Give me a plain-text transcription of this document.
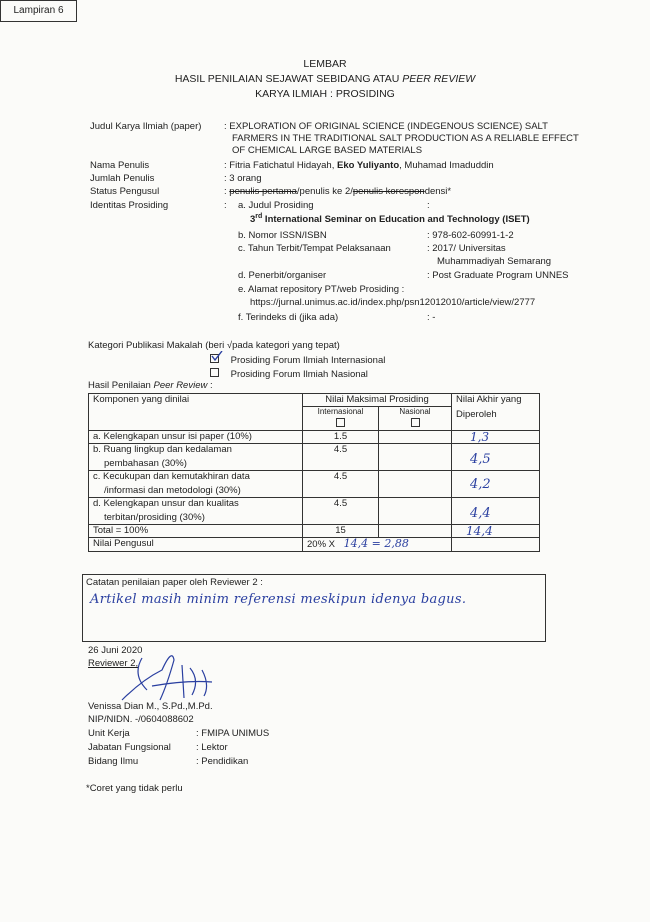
Lampiran 6
LEMBAR
HASIL PENILAIAN SEJAWAT SEBIDANG ATAU PEER REVIEW
KARYA ILMIAH : PROSIDING
Judul Karya Ilmiah (paper) : EXPLORATION OF ORIGINAL SCIENCE (INDEGENOUS SCIENCE) SALT
FARMERS IN THE TRADITIONAL SALT PRODUCTION AS A RELIABLE EFFECT
OF CHEMICAL LARGE BASED MATERIALS
Nama Penulis	: Fitria Fatichatul Hidayah, Eko Yuliyanto, Muhamad Imaduddin
Jumlah Penulis	: 3 orang
Status Pengusul	: penulis pertama/penulis ke 2/penulis korespondensi*
Identitas Prosiding	: a. Judul Prosiding	:
3rd International Seminar on Education and Technology (ISET)
b. Nomor ISSN/ISBN	: 978-602-60991-1-2
c. Tahun Terbit/Tempat Pelaksanaan	: 2017/ Universitas
Muhammadiyah Semarang
d. Penerbit/organiser	: Post Graduate Program UNNES
e. Alamat repository PT/web Prosiding :
https://jurnal.unimus.ac.id/index.php/psn12012010/article/view/2777
f. Terindeks di (jika ada)	: -
Kategori Publikasi Makalah (beri √pada kategori yang tepat)
Prosiding Forum Ilmiah Internasional
Prosiding Forum Ilmiah Nasional
Hasil Penilaian Peer Review :
Komponen yang dinilai	Nilai Maksimal Prosiding		Nilai Akhir yang
Diperoleh

	Internasional	Nasional	

a. Kelengkapan unsur isi paper (10%)	1.5		1,3

b. Ruang lingkup dan kedalaman
pembahasan (30%)	4.5		4,5

c. Kecukupan dan kemutakhiran data
/informasi dan metodologi (30%)	4.5		4,2

d. Kelengkapan unsur dan kualitas
terbitan/prosiding (30%)	4.5		4,4
Total = 100%	15		14,4
Nilai Pengusul	20% X 14,4 = 2,88		
Catatan penilaian paper oleh Reviewer 2 :
Artikel masih minim referensi meskipun idenya bagus.
26 Juni 2020
Reviewer 2,
Venissa Dian M., S.Pd.,M.Pd.
NIP/NIDN. -/0604088602
Unit Kerja	: FMIPA UNIMUS
Jabatan Fungsional	: Lektor
Bidang Ilmu	: Pendidikan
*Coret yang tidak perlu
